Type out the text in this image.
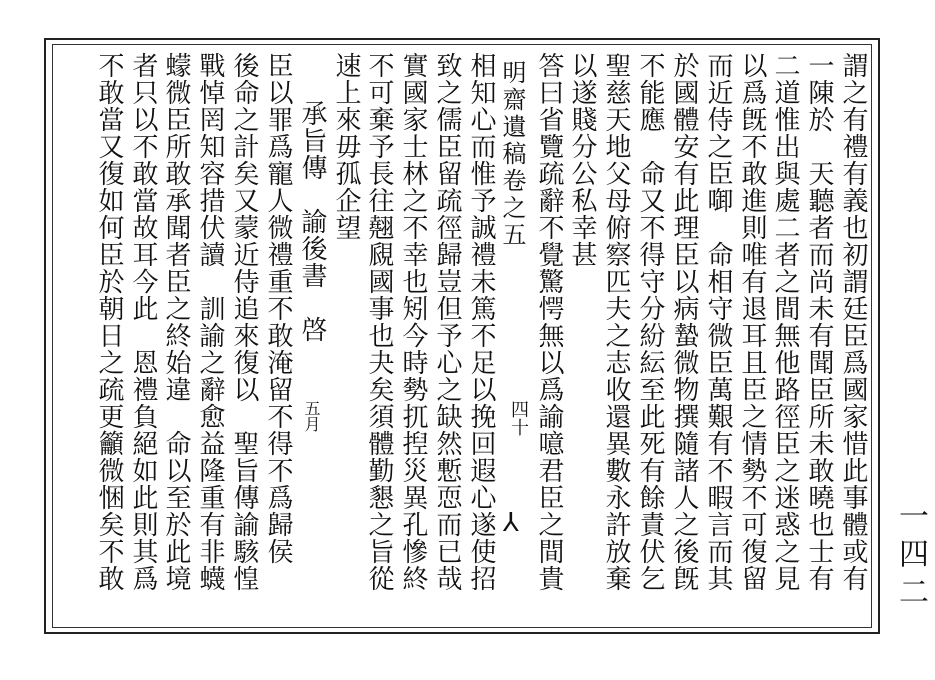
謂之有禮有義也初謂廷臣爲國家惜此事體或有
一陳於　天聽者而尚未有聞臣所未敢曉也士有
二道惟出與處二者之間無他路徑臣之迷惑之見
以爲旣不敢進則唯有退耳且臣之情勢不可復留
而近侍之臣啣　命相守微臣萬艱有不暇言而其
於國體安有此理臣以病蟄微物撰隨諸人之後旣
不能應　命又不得守分紛紜至此死有餘責伏乞
聖慈天地父母俯察匹夫之志收還異數永許放棄
以遂賤分公私幸甚
答曰省覽疏辭不覺驚愕無以爲諭噫君臣之間貴
明齋遺稿卷之五
四十
⅄
相知心而惟予誠禮未篤不足以挽回遐心遂使招
致之儒臣留疏徑歸豈但予心之缺然慙恧而已哉
實國家士林之不幸也矧今時勢扤揑災異孔慘終
不可棄予長往翹覛國事也夬矣須體勤懇之旨從
速上來毋孤企望
承旨傳　諭後書　啓
五月
臣以罪爲寵人微禮重不敢淹留不得不爲歸侯
後命之計矣又蒙近侍追來復以　聖旨傳諭駭惶
戰悼罔知容措伏讀　訓諭之辭愈益隆重有非蠛
蠓微臣所敢承聞者臣之終始違　命以至於此境
者只以不敢當故耳今此　恩禮負絕如此則其爲
不敢當又復如何臣於朝日之疏更籲微悃矣不敢	一四二
